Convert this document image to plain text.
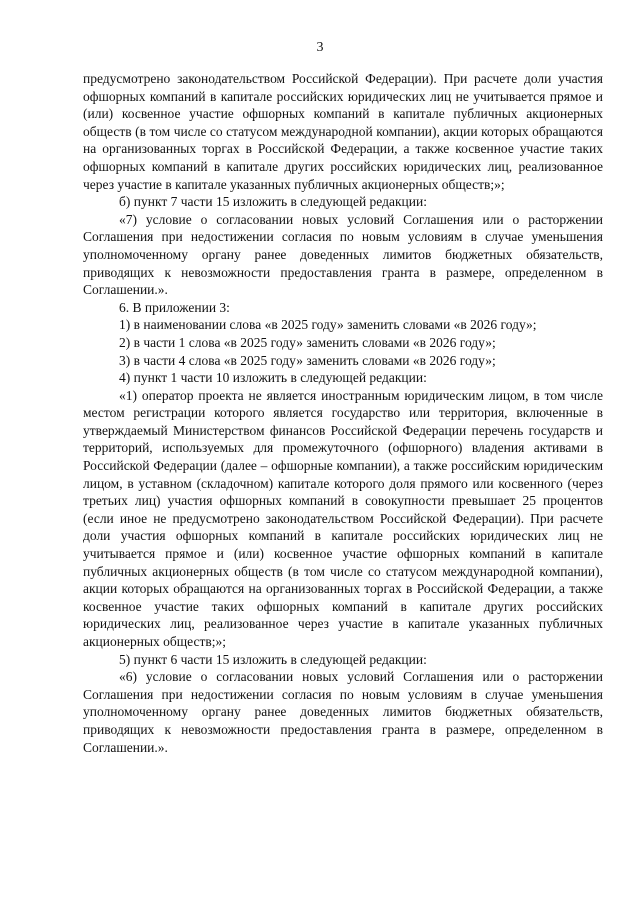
3

предусмотрено законодательством Российской Федерации). При расчете доли участия офшорных компаний в капитале российских юридических лиц не учитывается прямое и (или) косвенное участие офшорных компаний в капитале публичных акционерных обществ (в том числе со статусом международной компании), акции которых обращаются на организованных торгах в Российской Федерации, а также косвенное участие таких офшорных компаний в капитале других российских юридических лиц, реализованное через участие в капитале указанных публичных акционерных обществ;»;

б) пункт 7 части 15 изложить в следующей редакции:

«7) условие о согласовании новых условий Соглашения или о расторжении Соглашения при недостижении согласия по новым условиям в случае уменьшения уполномоченному органу ранее доведенных лимитов бюджетных обязательств, приводящих к невозможности предоставления гранта в размере, определенном в Соглашении.».

6. В приложении 3:

1) в наименовании слова «в 2025 году» заменить словами «в 2026 году»;

2) в части 1 слова «в 2025 году» заменить словами «в 2026 году»;

3) в части 4 слова «в 2025 году» заменить словами «в 2026 году»;

4) пункт 1 части 10 изложить в следующей редакции:

«1) оператор проекта не является иностранным юридическим лицом, в том числе местом регистрации которого является государство или территория, включенные в утверждаемый Министерством финансов Российской Федерации перечень государств и территорий, используемых для промежуточного (офшорного) владения активами в Российской Федерации (далее – офшорные компании), а также российским юридическим лицом, в уставном (складочном) капитале которого доля прямого или косвенного (через третьих лиц) участия офшорных компаний в совокупности превышает 25 процентов (если иное не предусмотрено законодательством Российской Федерации). При расчете доли участия офшорных компаний в капитале российских юридических лиц не учитывается прямое и (или) косвенное участие офшорных компаний в капитале публичных акционерных обществ (в том числе со статусом международной компании), акции которых обращаются на организованных торгах в Российской Федерации, а также косвенное участие таких офшорных компаний в капитале других российских юридических лиц, реализованное через участие в капитале указанных публичных акционерных обществ;»;

5) пункт 6 части 15 изложить в следующей редакции:

«6) условие о согласовании новых условий Соглашения или о расторжении Соглашения при недостижении согласия по новым условиям в случае уменьшения уполномоченному органу ранее доведенных лимитов бюджетных обязательств, приводящих к невозможности предоставления гранта в размере, определенном в Соглашении.».
